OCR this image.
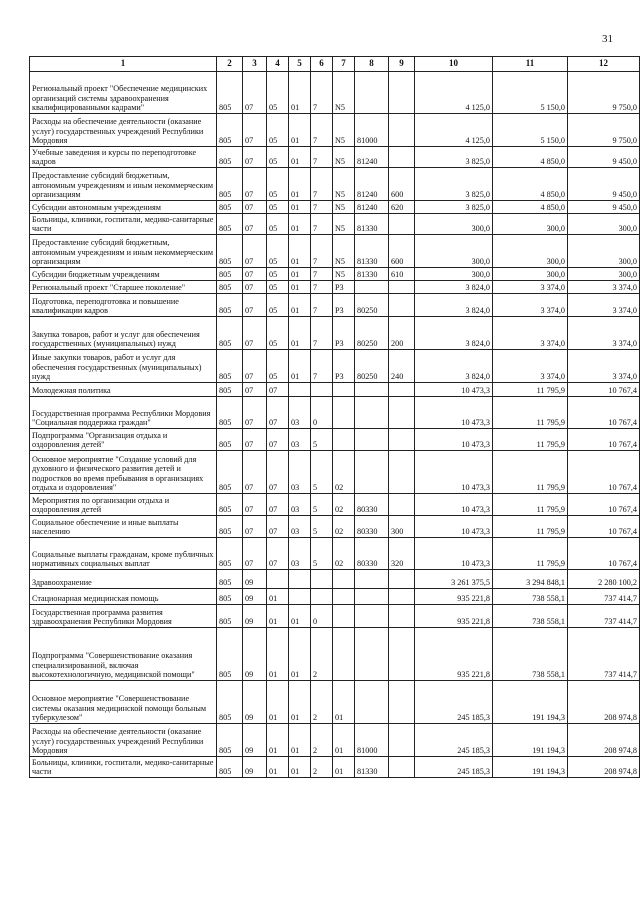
31
1	2	3	4	5	6	7	8	9	10	11	12
Региональный проект "Обеспечение медицинских организаций системы здравоохранения квалифицированными кадрами"	805	07	05	01	7	N5			4 125,0	5 150,0	9 750,0
Расходы на обеспечение деятельности (оказание услуг) государственных учреждений Республики Мордовия	805	07	05	01	7	N5	81000		4 125,0	5 150,0	9 750,0
Учебные заведения и курсы по переподготовке кадров	805	07	05	01	7	N5	81240		3 825,0	4 850,0	9 450,0
Предоставление субсидий бюджетным, автономным учреждениям и иным некоммерческим организациям	805	07	05	01	7	N5	81240	600	3 825,0	4 850,0	9 450,0
Субсидии автономным учреждениям	805	07	05	01	7	N5	81240	620	3 825,0	4 850,0	9 450,0
Больницы, клиники, госпитали, медико-санитарные части	805	07	05	01	7	N5	81330		300,0	300,0	300,0
Предоставление субсидий бюджетным, автономным учреждениям и иным некоммерческим организациям	805	07	05	01	7	N5	81330	600	300,0	300,0	300,0
Субсидии бюджетным учреждениям	805	07	05	01	7	N5	81330	610	300,0	300,0	300,0
Региональный проект "Старшее поколение"	805	07	05	01	7	P3			3 824,0	3 374,0	3 374,0
Подготовка, переподготовка и повышение квалификации кадров	805	07	05	01	7	P3	80250		3 824,0	3 374,0	3 374,0
Закупка товаров, работ и услуг для обеспечения государственных (муниципальных) нужд	805	07	05	01	7	P3	80250	200	3 824,0	3 374,0	3 374,0
Иные закупки товаров, работ и услуг для обеспечения государственных (муниципальных) нужд	805	07	05	01	7	P3	80250	240	3 824,0	3 374,0	3 374,0
Молодежная политика	805	07	07						10 473,3	11 795,9	10 767,4
Государственная программа Республики Мордовия "Социальная поддержка граждан"	805	07	07	03	0				10 473,3	11 795,9	10 767,4
Подпрограмма "Организация отдыха и оздоровления детей"	805	07	07	03	5				10 473,3	11 795,9	10 767,4
Основное мероприятие "Создание условий для духовного и физического развития детей и подростков во время пребывания в организациях отдыха и оздоровления"	805	07	07	03	5	02			10 473,3	11 795,9	10 767,4
Мероприятия по организации отдыха и оздоровления детей	805	07	07	03	5	02	80330		10 473,3	11 795,9	10 767,4
Социальное обеспечение и иные выплаты населению	805	07	07	03	5	02	80330	300	10 473,3	11 795,9	10 767,4
Социальные выплаты гражданам, кроме публичных нормативных социальных выплат	805	07	07	03	5	02	80330	320	10 473,3	11 795,9	10 767,4
Здравоохранение	805	09							3 261 375,5	3 294 848,1	2 280 100,2
Стационарная медицинская помощь	805	09	01						935 221,8	738 558,1	737 414,7
Государственная программа развития здравоохранения Республики Мордовия	805	09	01	01	0				935 221,8	738 558,1	737 414,7
Подпрограмма "Совершенствование оказания специализированной, включая высокотехнологичную, медицинской помощи"	805	09	01	01	2				935 221,8	738 558,1	737 414,7
Основное мероприятие "Совершенствование системы оказания медицинской помощи больным туберкулезом"	805	09	01	01	2	01			245 185,3	191 194,3	208 974,8
Расходы на обеспечение деятельности (оказание услуг) государственных учреждений Республики Мордовия	805	09	01	01	2	01	81000		245 185,3	191 194,3	208 974,8
Больницы, клиники, госпитали, медико-санитарные части	805	09	01	01	2	01	81330		245 185,3	191 194,3	208 974,8
